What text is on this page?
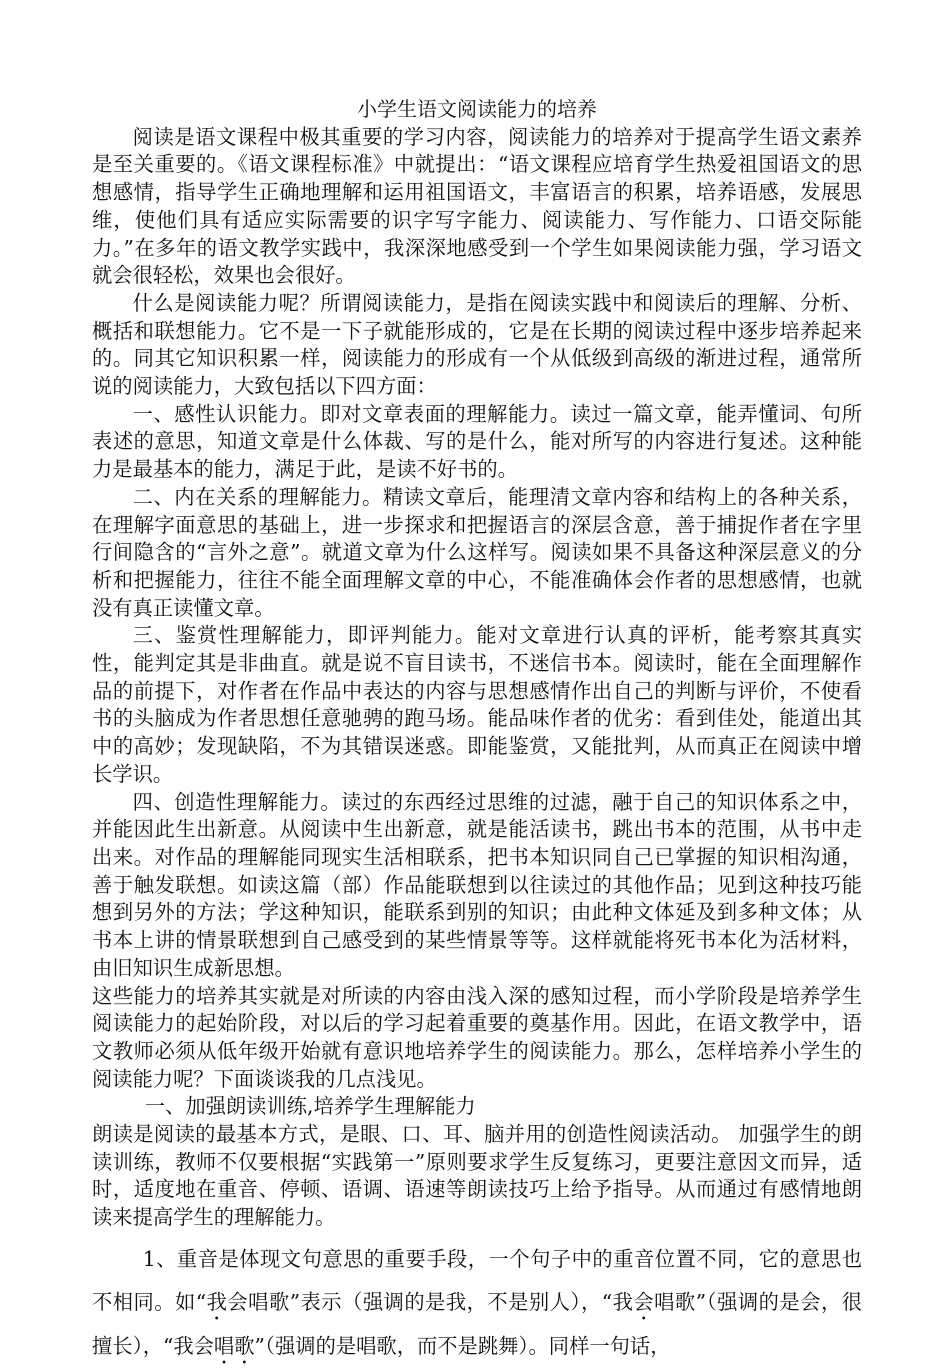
小学生语文阅读能力的培养

阅读是语文课程中极其重要的学习内容，阅读能力的培养对于提高学生语文素养是至关重要的。《语文课程标准》中就提出：“语文课程应培育学生热爱祖国语文的思想感情，指导学生正确地理解和运用祖国语文，丰富语言的积累，培养语感，发展思维，使他们具有适应实际需要的识字写字能力、阅读能力、写作能力、口语交际能力。”在多年的语文教学实践中，我深深地感受到一个学生如果阅读能力强，学习语文就会很轻松，效果也会很好。

什么是阅读能力呢？所谓阅读能力，是指在阅读实践中和阅读后的理解、分析、概括和联想能力。它不是一下子就能形成的，它是在长期的阅读过程中逐步培养起来的。同其它知识积累一样，阅读能力的形成有一个从低级到高级的渐进过程，通常所说的阅读能力，大致包括以下四方面：

一、感性认识能力。即对文章表面的理解能力。读过一篇文章，能弄懂词、句所表述的意思，知道文章是什么体裁、写的是什么，能对所写的内容进行复述。这种能力是最基本的能力，满足于此，是读不好书的。

二、内在关系的理解能力。精读文章后，能理清文章内容和结构上的各种关系，在理解字面意思的基础上，进一步探求和把握语言的深层含意，善于捕捉作者在字里行间隐含的“言外之意”。就道文章为什么这样写。阅读如果不具备这种深层意义的分析和把握能力，往往不能全面理解文章的中心，不能准确体会作者的思想感情，也就没有真正读懂文章。

三、鉴赏性理解能力，即评判能力。能对文章进行认真的评析，能考察其真实性，能判定其是非曲直。就是说不盲目读书，不迷信书本。阅读时，能在全面理解作品的前提下，对作者在作品中表达的内容与思想感情作出自己的判断与评价，不使看书的头脑成为作者思想任意驰骋的跑马场。能品味作者的优劣：看到佳处，能道出其中的高妙；发现缺陷，不为其错误迷惑。即能鉴赏，又能批判，从而真正在阅读中增长学识。

四、创造性理解能力。读过的东西经过思维的过滤，融于自己的知识体系之中，并能因此生出新意。从阅读中生出新意，就是能活读书，跳出书本的范围，从书中走出来。对作品的理解能同现实生活相联系，把书本知识同自己已掌握的知识相沟通，善于触发联想。如读这篇（部）作品能联想到以往读过的其他作品；见到这种技巧能想到另外的方法；学这种知识，能联系到别的知识；由此种文体延及到多种文体；从书本上讲的情景联想到自己感受到的某些情景等等。这样就能将死书本化为活材料，由旧知识生成新思想。

这些能力的培养其实就是对所读的内容由浅入深的感知过程，而小学阶段是培养学生阅读能力的起始阶段，对以后的学习起着重要的奠基作用。因此，在语文教学中，语文教师必须从低年级开始就有意识地培养学生的阅读能力。那么，怎样培养小学生的阅读能力呢？下面谈谈我的几点浅见。

一、加强朗读训练,培养学生理解能力

朗读是阅读的最基本方式，是眼、口、耳、脑并用的创造性阅读活动。 加强学生的朗读训练，教师不仅要根据“实践第一”原则要求学生反复练习，更要注意因文而异，适时，适度地在重音、停顿、语调、语速等朗读技巧上给予指导。从而通过有感情地朗读来提高学生的理解能力。

1、重音是体现文句意思的重要手段，一个句子中的重音位置不同，它的意思也不相同。如“我会唱歌”表示（强调的是我，不是别人），“我会唱歌”（强调的是会，很擅长），“我会唱歌”（强调的是唱歌，而不是跳舞）。同样一句话，
